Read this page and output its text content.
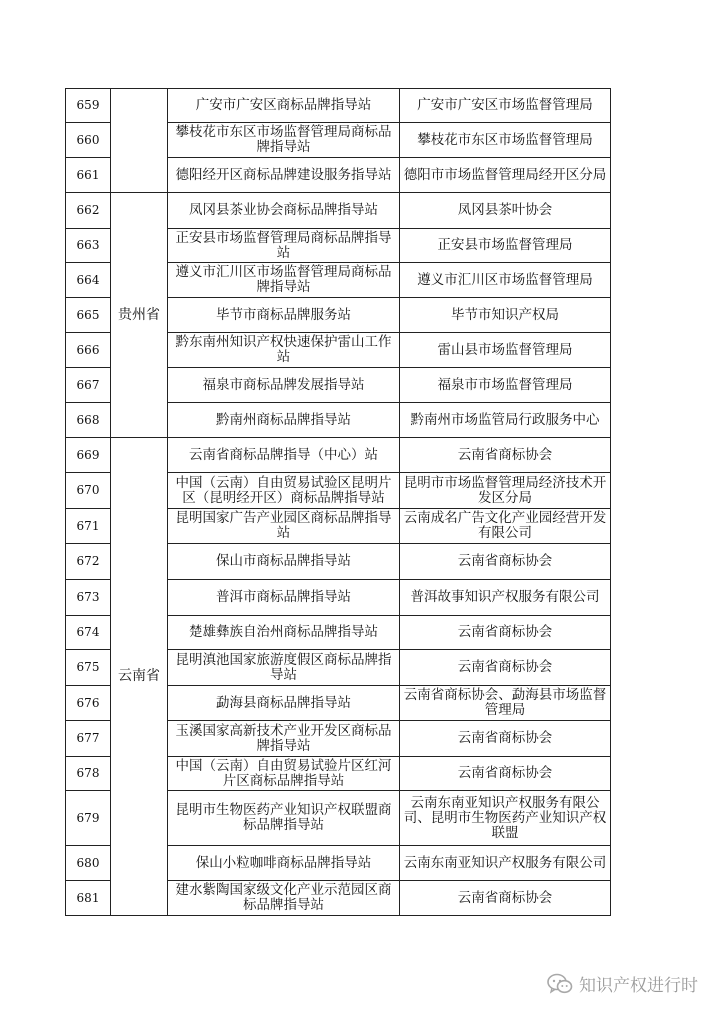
659		广安市广安区商标品牌指导站	广安市广安区市场监督管理局
660		攀枝花市东区市场监督管理局商标品牌指导站	攀枝花市东区市场监督管理局
661		德阳经开区商标品牌建设服务指导站	德阳市市场监督管理局经开区分局
662	贵州省	凤冈县茶业协会商标品牌指导站	凤冈县茶叶协会
663		正安县市场监督管理局商标品牌指导站	正安县市场监督管理局
664		遵义市汇川区市场监督管理局商标品牌指导站	遵义市汇川区市场监督管理局
665		毕节市商标品牌服务站	毕节市知识产权局
666		黔东南州知识产权快速保护雷山工作站	雷山县市场监督管理局
667		福泉市商标品牌发展指导站	福泉市市场监督管理局
668		黔南州商标品牌指导站	黔南州市场监管局行政服务中心
669	云南省	云南省商标品牌指导（中心）站	云南省商标协会
670		中国（云南）自由贸易试验区昆明片区（昆明经开区）商标品牌指导站	昆明市市场监督管理局经济技术开发区分局
671		昆明国家广告产业园区商标品牌指导站	云南成名广告文化产业园经营开发有限公司
672		保山市商标品牌指导站	云南省商标协会
673		普洱市商标品牌指导站	普洱故事知识产权服务有限公司
674		楚雄彝族自治州商标品牌指导站	云南省商标协会
675		昆明滇池国家旅游度假区商标品牌指导站	云南省商标协会
676		勐海县商标品牌指导站	云南省商标协会、勐海县市场监督管理局
677		玉溪国家高新技术产业开发区商标品牌指导站	云南省商标协会
678		中国（云南）自由贸易试验片区红河片区商标品牌指导站	云南省商标协会
679		昆明市生物医药产业知识产权联盟商标品牌指导站	云南东南亚知识产权服务有限公司、昆明市生物医药产业知识产权联盟
680		保山小粒咖啡商标品牌指导站	云南东南亚知识产权服务有限公司
681		建水紫陶国家级文化产业示范园区商标品牌指导站	云南省商标协会
知识产权进行时
